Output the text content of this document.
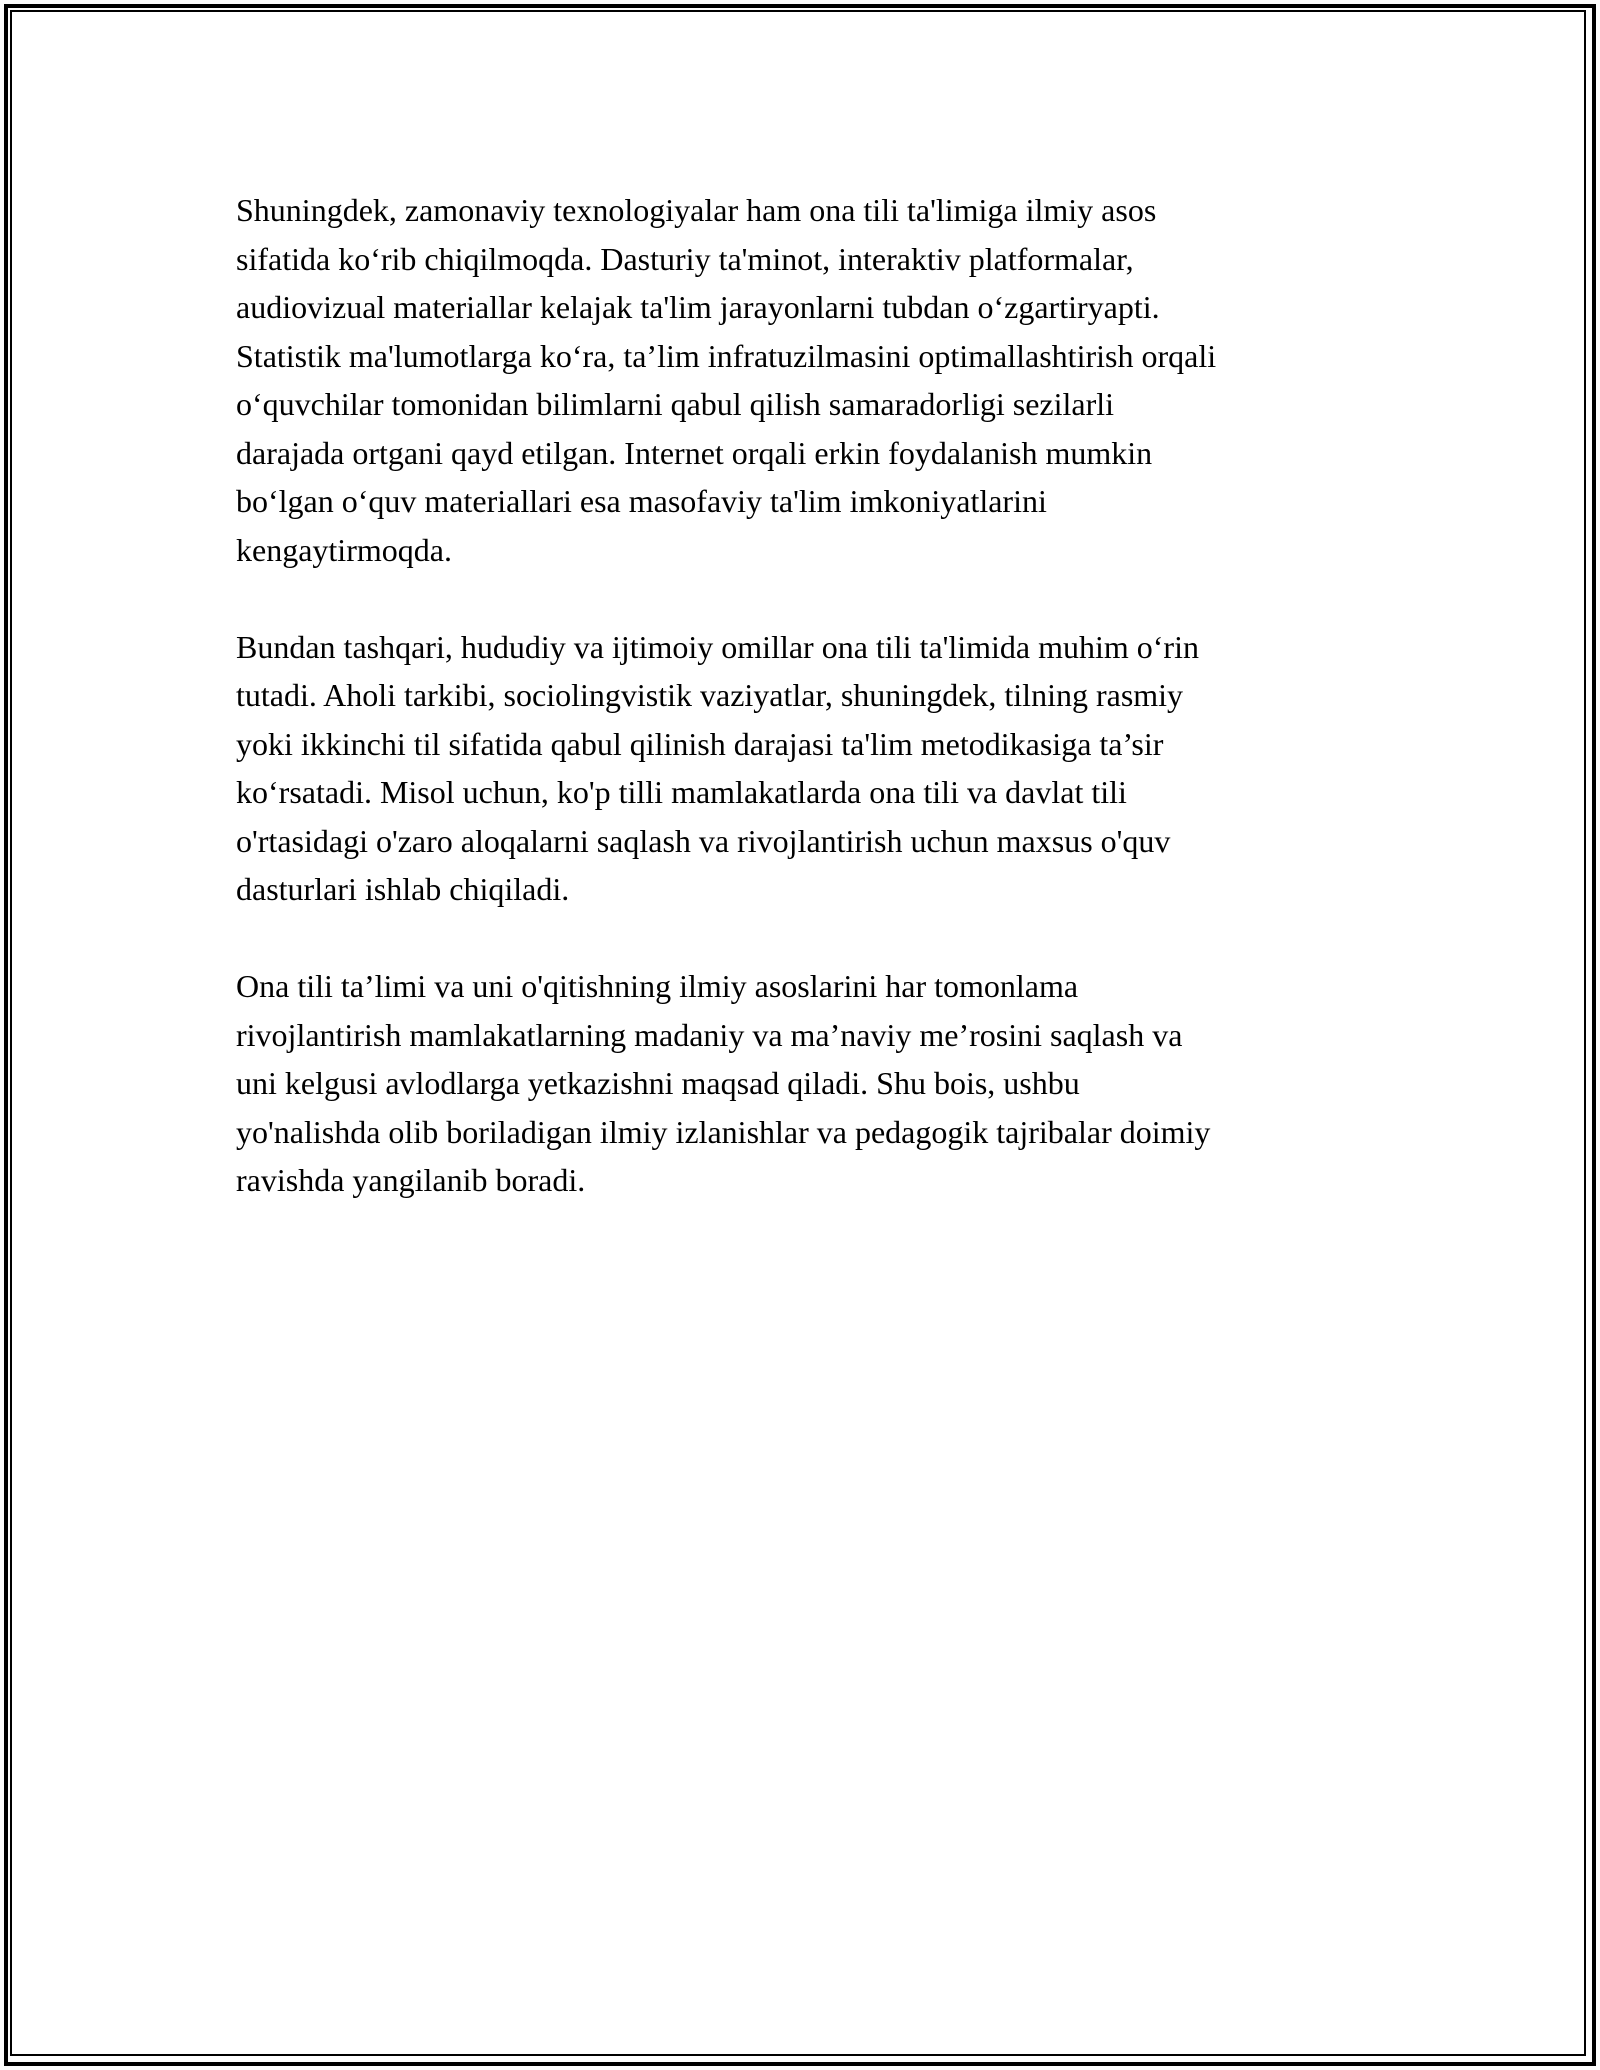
Shuningdek, zamonaviy texnologiyalar ham ona tili ta'limiga ilmiy asos
sifatida ko‘rib chiqilmoqda. Dasturiy ta'minot, interaktiv platformalar,
audiovizual materiallar kelajak ta'lim jarayonlarni tubdan o‘zgartiryapti.
Statistik ma'lumotlarga ko‘ra, ta’lim infratuzilmasini optimallashtirish orqali
o‘quvchilar tomonidan bilimlarni qabul qilish samaradorligi sezilarli
darajada ortgani qayd etilgan. Internet orqali erkin foydalanish mumkin
bo‘lgan o‘quv materiallari esa masofaviy ta'lim imkoniyatlarini
kengaytirmoqda.

Bundan tashqari, hududiy va ijtimoiy omillar ona tili ta'limida muhim o‘rin
tutadi. Aholi tarkibi, sociolingvistik vaziyatlar, shuningdek, tilning rasmiy
yoki ikkinchi til sifatida qabul qilinish darajasi ta'lim metodikasiga ta’sir
ko‘rsatadi. Misol uchun, ko'p tilli mamlakatlarda ona tili va davlat tili
o'rtasidagi o'zaro aloqalarni saqlash va rivojlantirish uchun maxsus o'quv
dasturlari ishlab chiqiladi.

Ona tili ta’limi va uni o'qitishning ilmiy asoslarini har tomonlama
rivojlantirish mamlakatlarning madaniy va ma’naviy me’rosini saqlash va
uni kelgusi avlodlarga yetkazishni maqsad qiladi. Shu bois, ushbu
yo'nalishda olib boriladigan ilmiy izlanishlar va pedagogik tajribalar doimiy
ravishda yangilanib boradi.
